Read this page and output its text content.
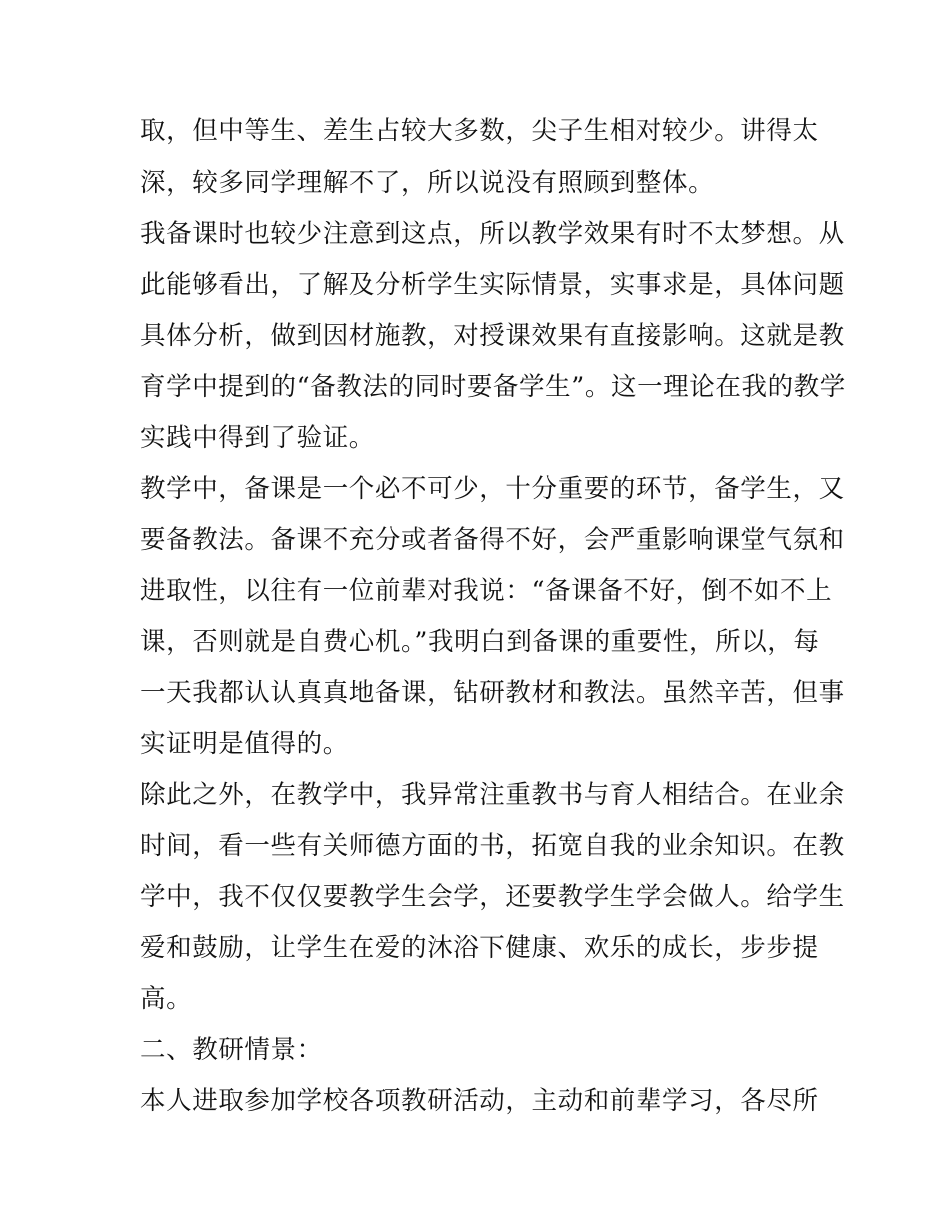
取，但中等生、差生占较大多数，尖子生相对较少。讲得太
深，较多同学理解不了，所以说没有照顾到整体。
我备课时也较少注意到这点，所以教学效果有时不太梦想。从
此能够看出，了解及分析学生实际情景，实事求是，具体问题
具体分析，做到因材施教，对授课效果有直接影响。这就是教
育学中提到的“备教法的同时要备学生”。这一理论在我的教学
实践中得到了验证。
教学中，备课是一个必不可少，十分重要的环节，备学生，又
要备教法。备课不充分或者备得不好，会严重影响课堂气氛和
进取性，以往有一位前辈对我说：“备课备不好，倒不如不上
课，否则就是自费心机。”我明白到备课的重要性，所以，每
一天我都认认真真地备课，钻研教材和教法。虽然辛苦，但事
实证明是值得的。
除此之外，在教学中，我异常注重教书与育人相结合。在业余
时间，看一些有关师德方面的书，拓宽自我的业余知识。在教
学中，我不仅仅要教学生会学，还要教学生学会做人。给学生
爱和鼓励，让学生在爱的沐浴下健康、欢乐的成长，步步提
高。
二、教研情景：
本人进取参加学校各项教研活动，主动和前辈学习，各尽所
